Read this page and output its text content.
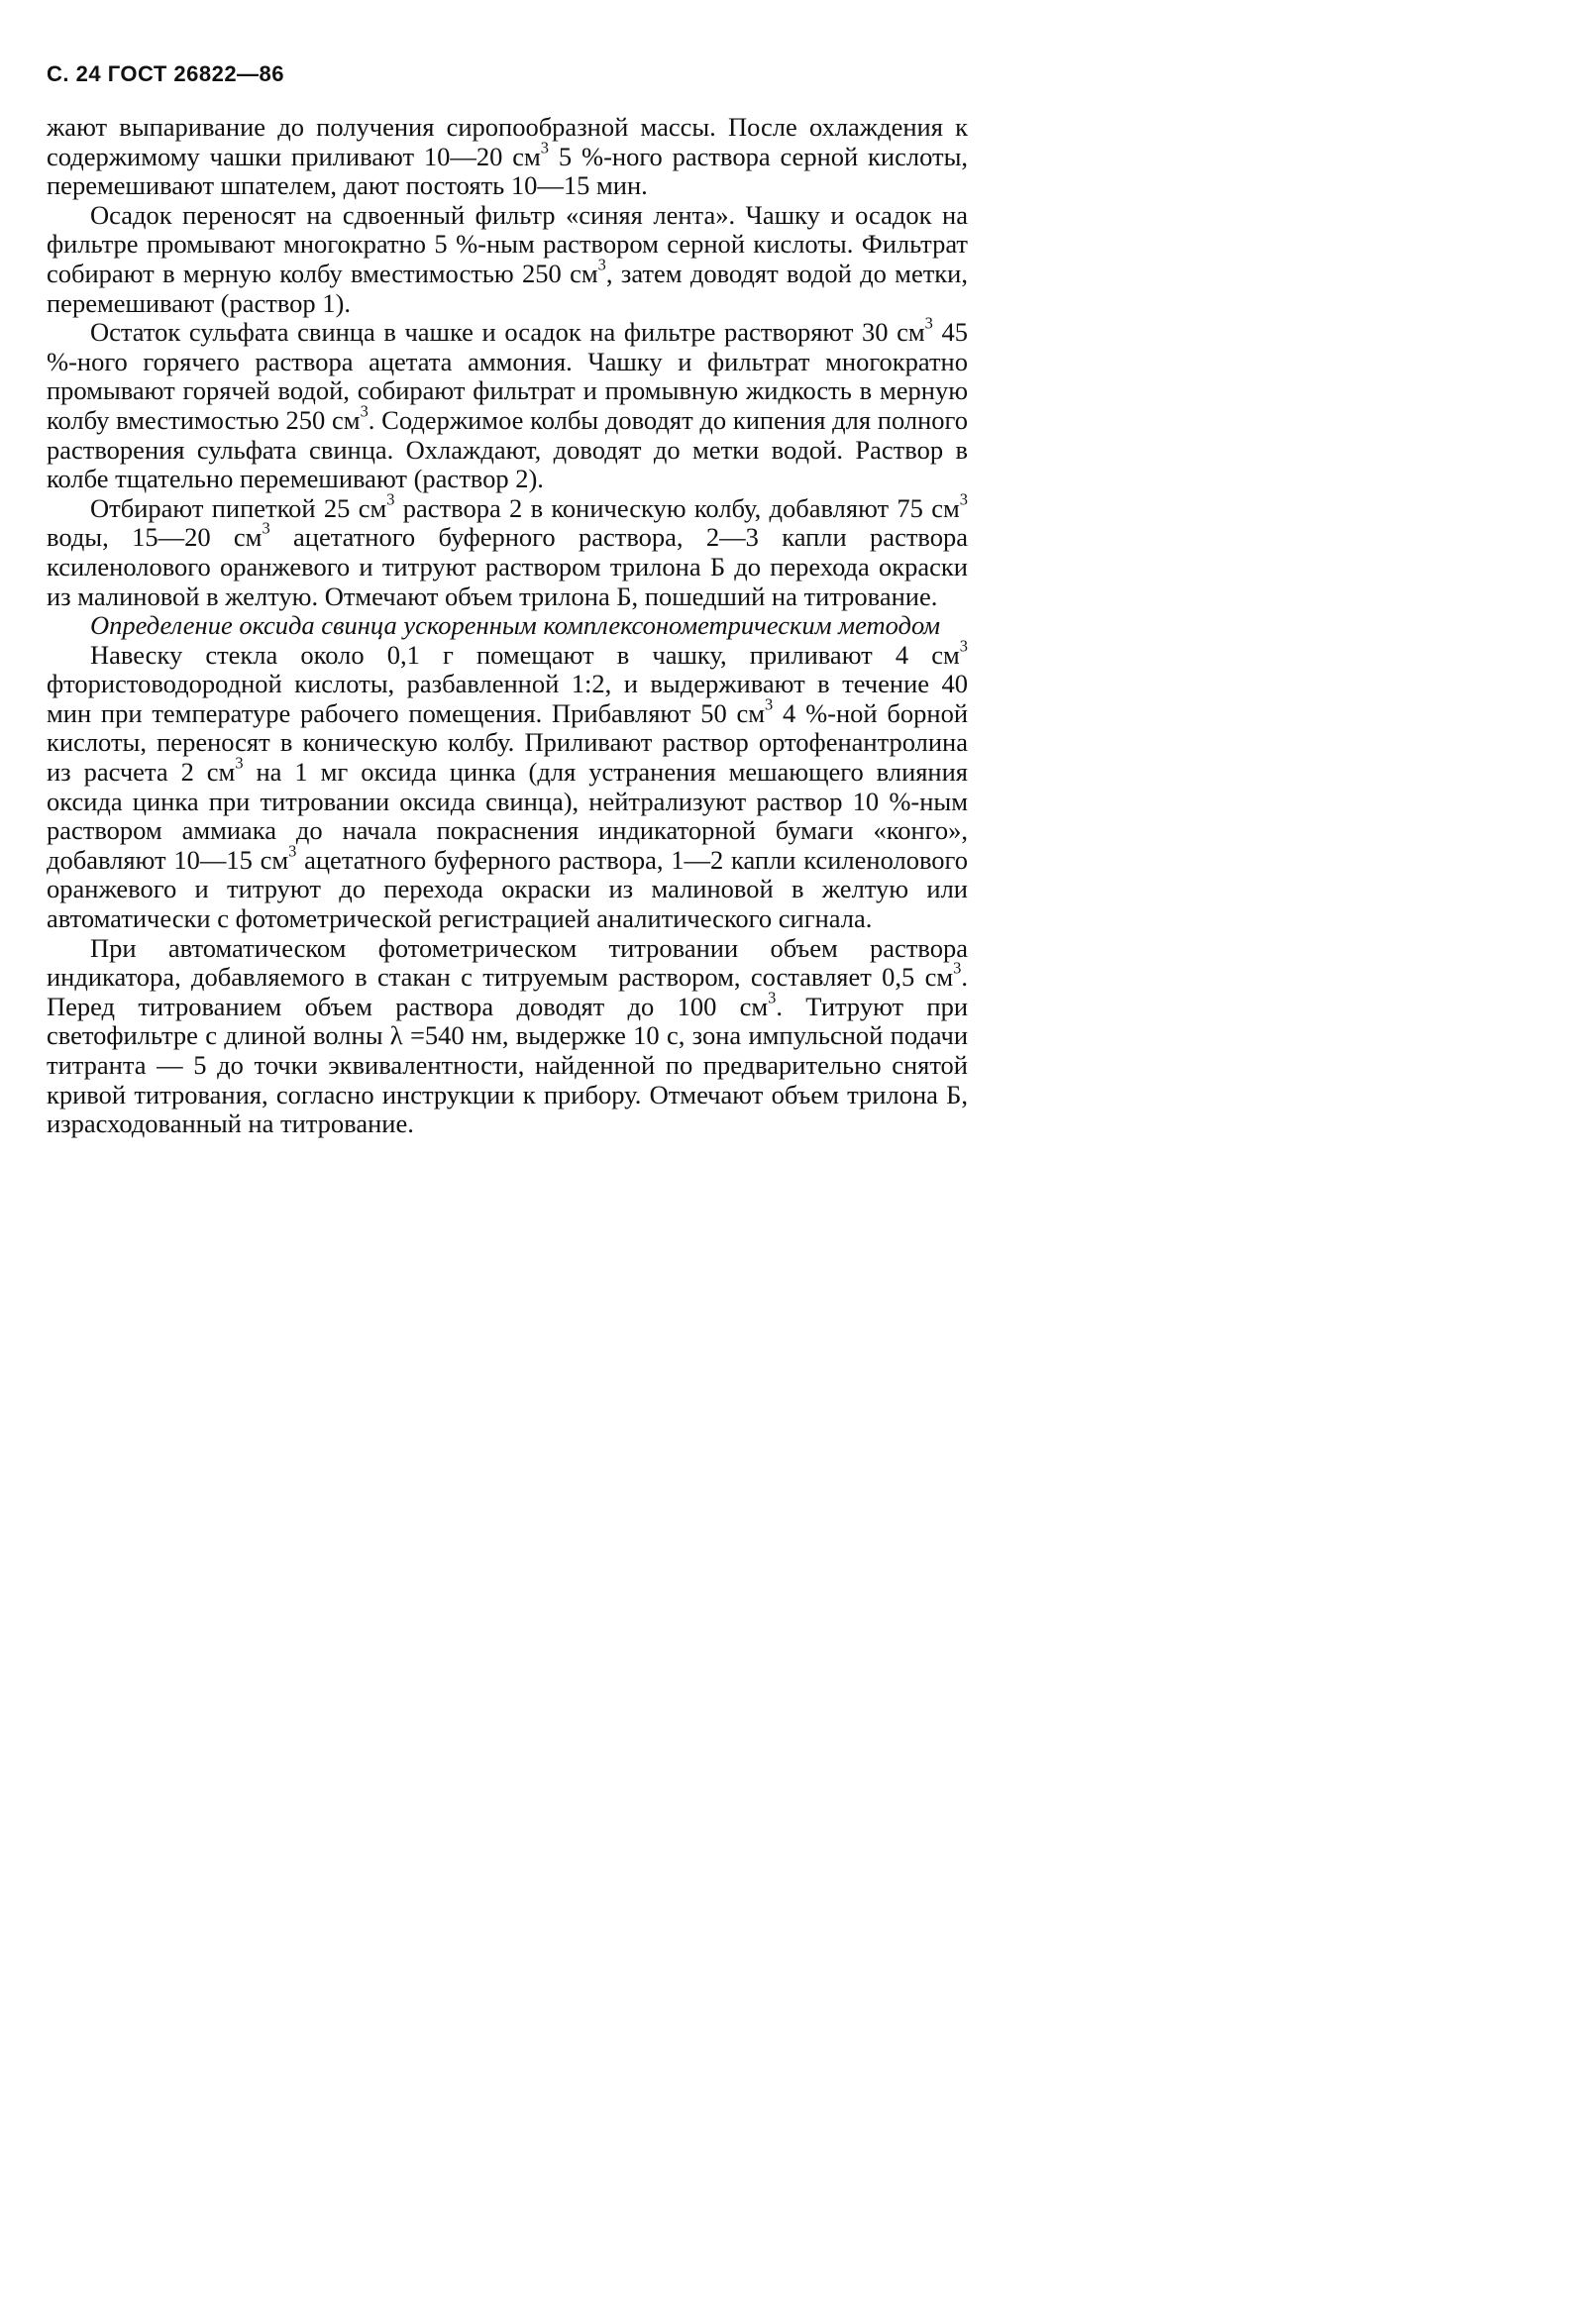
С. 24 ГОСТ 26822—86

жают выпаривание до получения сиропообразной массы. После охлаждения к содержимому чашки приливают 10—20 $см^3$ 5 %-ного раствора серной кислоты, перемешивают шпателем, дают постоять 10—15 мин.

Осадок переносят на сдвоенный фильтр «синяя лента». Чашку и осадок на фильтре промывают многократно 5 %-ным раствором серной кислоты. Фильтрат собирают в мерную колбу вместимостью 250 $см^3$, затем доводят водой до метки, перемешивают (раствор 1).

Остаток сульфата свинца в чашке и осадок на фильтре растворяют 30 $см^3$ 45 %-ного горячего раствора ацетата аммония. Чашку и фильтрат многократно промывают горячей водой, собирают фильтрат и промывную жидкость в мерную колбу вместимостью 250 $см^3$. Содержимое колбы доводят до кипения для полного растворения сульфата свинца. Охлаждают, доводят до метки водой. Раствор в колбе тщательно перемешивают (раствор 2).

Отбирают пипеткой 25 $см^3$ раствора 2 в коническую колбу, добавляют 75 $см^3$ воды, 15—20 $см^3$ ацетатного буферного раствора, 2—3 капли раствора ксиленолового оранжевого и титруют раствором трилона Б до перехода окраски из малиновой в желтую. Отмечают объем трилона Б, пошедший на титрование.

Определение оксида свинца ускоренным комплексонометрическим методом

Навеску стекла около 0,1 г помещают в чашку, приливают 4 $см^3$ фтористоводородной кислоты, разбавленной 1:2, и выдерживают в течение 40 мин при температуре рабочего помещения. Прибавляют 50 $см^3$ 4 %-ной борной кислоты, переносят в коническую колбу. Приливают раствор ортофенантролина из расчета 2 $см^3$ на 1 мг оксида цинка (для устранения мешающего влияния оксида цинка при титровании оксида свинца), нейтрализуют раствор 10 %-ным раствором аммиака до начала покраснения индикаторной бумаги «конго», добавляют 10—15 $см^3$ ацетатного буферного раствора, 1—2 капли ксиленолового оранжевого и титруют до перехода окраски из малиновой в желтую или автоматически с фотометрической регистрацией аналитического сигнала.

При автоматическом фотометрическом титровании объем раствора индикатора, добавляемого в стакан с титруемым раствором, составляет 0,5 $см^3$. Перед титрованием объем раствора доводят до 100 $см^3$. Титруют при светофильтре с длиной волны λ =540 нм, выдержке 10 с, зона импульсной подачи титранта — 5 до точки эквивалентности, найденной по предварительно снятой кривой титрования, согласно инструкции к прибору. Отмечают объем трилона Б, израсходованный на титрование.
